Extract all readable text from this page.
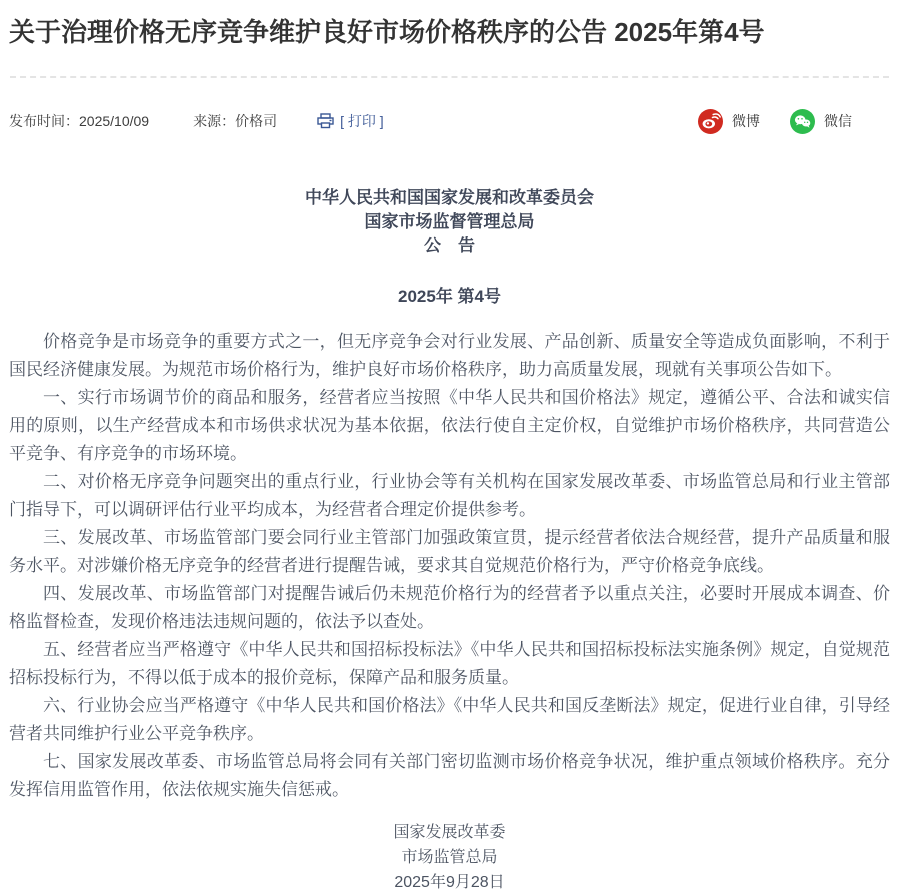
关于治理价格无序竞争维护良好市场价格秩序的公告 2025年第4号
发布时间： 2025/10/09	来源： 价格司	[ 打印 ]	微博	微信
中华人民共和国国家发展和改革委员会
国家市场监督管理总局
公　告
2025年 第4号

价格竞争是市场竞争的重要方式之一，但无序竞争会对行业发展、产品创新、质量安全等造成负面影响，不利于国民经济健康发展。为规范市场价格行为，维护良好市场价格秩序，助力高质量发展，现就有关事项公告如下。

一、实行市场调节价的商品和服务，经营者应当按照《中华人民共和国价格法》规定，遵循公平、合法和诚实信用的原则，以生产经营成本和市场供求状况为基本依据，依法行使自主定价权，自觉维护市场价格秩序，共同营造公平竞争、有序竞争的市场环境。

二、对价格无序竞争问题突出的重点行业，行业协会等有关机构在国家发展改革委、市场监管总局和行业主管部门指导下，可以调研评估行业平均成本，为经营者合理定价提供参考。

三、发展改革、市场监管部门要会同行业主管部门加强政策宣贯，提示经营者依法合规经营，提升产品质量和服务水平。对涉嫌价格无序竞争的经营者进行提醒告诫，要求其自觉规范价格行为，严守价格竞争底线。

四、发展改革、市场监管部门对提醒告诫后仍未规范价格行为的经营者予以重点关注，必要时开展成本调查、价格监督检查，发现价格违法违规问题的，依法予以查处。

五、经营者应当严格遵守《中华人民共和国招标投标法》《中华人民共和国招标投标法实施条例》规定，自觉规范招标投标行为，不得以低于成本的报价竞标，保障产品和服务质量。

六、行业协会应当严格遵守《中华人民共和国价格法》《中华人民共和国反垄断法》规定，促进行业自律，引导经营者共同维护行业公平竞争秩序。

七、国家发展改革委、市场监管总局将会同有关部门密切监测市场价格竞争状况，维护重点领域价格秩序。充分发挥信用监管作用，依法依规实施失信惩戒。

国家发展改革委

市场监管总局

2025年9月28日
